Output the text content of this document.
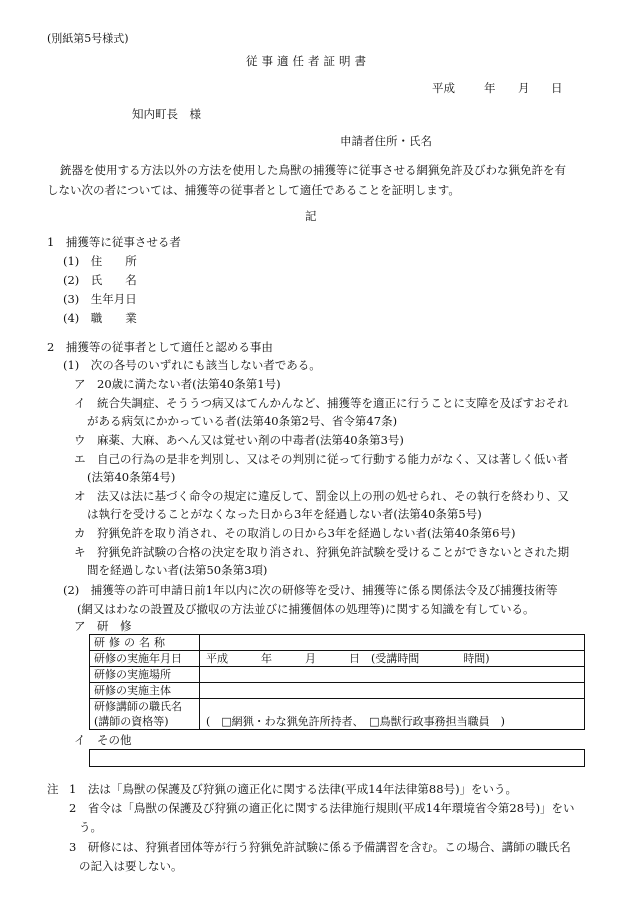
(別紙第5号様式)
従事適任者証明書
平成	年 月 日
知内町長　様
申請者住所・氏名
銃器を使用する方法以外の方法を使用した鳥獣の捕獲等に従事させる網猟免許及びわな猟免許を有
しない次の者については、捕獲等の従事者として適任であることを証明します。
記
1　捕獲等に従事させる者
(1)　住　　所
(2)　氏　　名
(3)　生年月日
(4)　職　　業
2　捕獲等の従事者として適任と認める事由
(1)　次の各号のいずれにも該当しない者である。
ア　20歳に満たない者(法第40条第1号)
イ　統合失調症、そううつ病又はてんかんなど、捕獲等を適正に行うことに支障を及ぼすおそれ
がある病気にかかっている者(法第40条第2号、省令第47条)
ウ　麻薬、大麻、あへん又は覚せい剤の中毒者(法第40条第3号)
エ　自己の行為の是非を判別し、又はその判別に従って行動する能力がなく、又は著しく低い者
(法第40条第4号)
オ　法又は法に基づく命令の規定に違反して、罰金以上の刑の処せられ、その執行を終わり、又
は執行を受けることがなくなった日から3年を経過しない者(法第40条第5号)
カ　狩猟免許を取り消され、その取消しの日から3年を経過しない者(法第40条第6号)
キ　狩猟免許試験の合格の決定を取り消され、狩猟免許試験を受けることができないとされた期
間を経過しない者(法第50条第3項)
(2)　捕獲等の許可申請日前1年以内に次の研修等を受け、捕獲等に係る関係法令及び捕獲技術等
(網又はわなの設置及び撤収の方法並びに捕獲個体の処理等)に関する知識を有している。
ア　研　修
研修の名称
研修の実施年月日	平成　　　年　　　月　　　日　(受講時間　　　　時間)
研修の実施場所
研修の実施主体
研修講師の職氏名
(講師の資格等)	(　□網猟・わな猟免許所持者、　□鳥獣行政事務担当職員　)
イ　その他
注 1　法は「鳥獣の保護及び狩猟の適正化に関する法律(平成14年法律第88号)」をいう。
2　省令は「鳥獣の保護及び狩猟の適正化に関する法律施行規則(平成14年環境省令第28号)」をい
う。
3　研修には、狩猟者団体等が行う狩猟免許試験に係る予備講習を含む。この場合、講師の職氏名
の記入は要しない。
